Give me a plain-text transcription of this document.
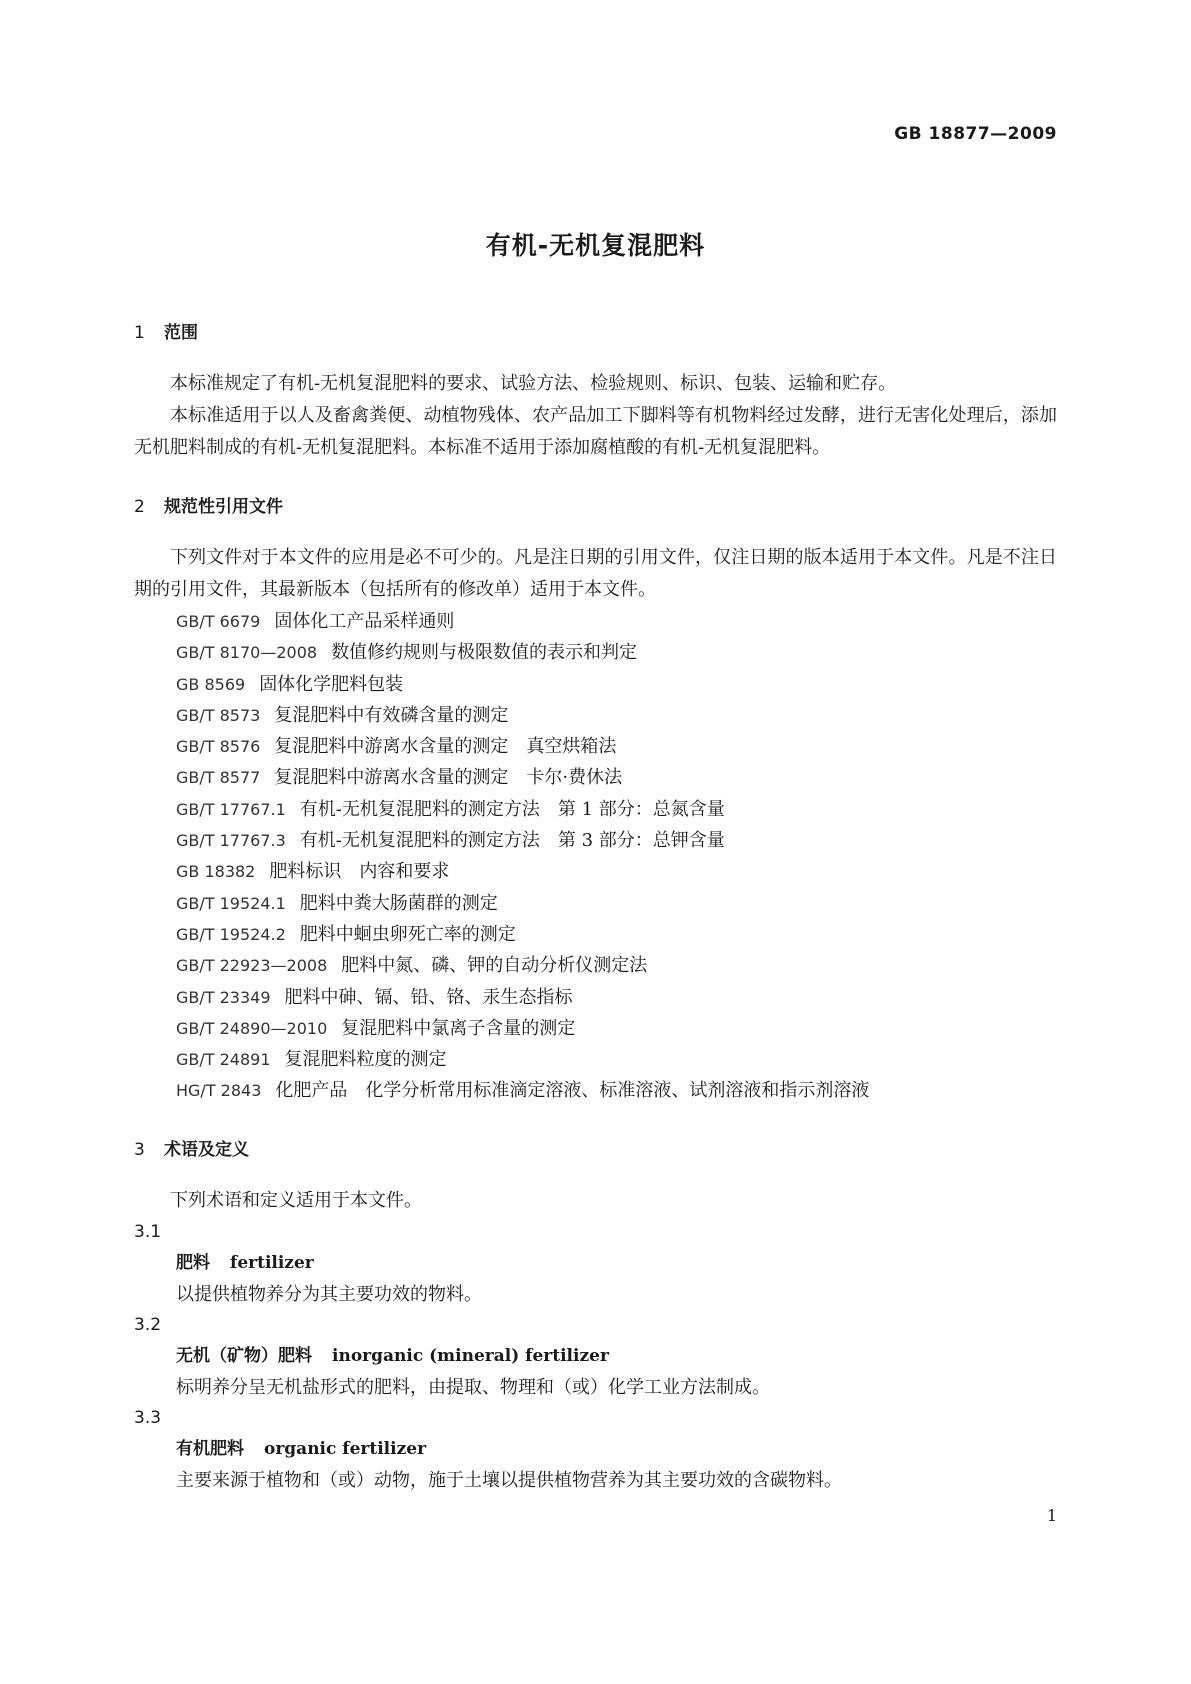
GB 18877—2009
有机-无机复混肥料
1 范围

本标准规定了有机-无机复混肥料的要求、试验方法、检验规则、标识、包装、运输和贮存。

本标准适用于以人及畜禽粪便、动植物残体、农产品加工下脚料等有机物料经过发酵，进行无害化处理后，添加无机肥料制成的有机-无机复混肥料。本标准不适用于添加腐植酸的有机-无机复混肥料。

2 规范性引用文件

下列文件对于本文件的应用是必不可少的。凡是注日期的引用文件，仅注日期的版本适用于本文件。凡是不注日期的引用文件，其最新版本（包括所有的修改单）适用于本文件。

GB/T 6679 固体化工产品采样通则
GB/T 8170—2008 数值修约规则与极限数值的表示和判定
GB 8569 固体化学肥料包装
GB/T 8573 复混肥料中有效磷含量的测定
GB/T 8576 复混肥料中游离水含量的测定　真空烘箱法
GB/T 8577 复混肥料中游离水含量的测定　卡尔·费休法
GB/T 17767.1 有机-无机复混肥料的测定方法　第 1 部分：总氮含量
GB/T 17767.3 有机-无机复混肥料的测定方法　第 3 部分：总钾含量
GB 18382 肥料标识　内容和要求
GB/T 19524.1 肥料中粪大肠菌群的测定
GB/T 19524.2 肥料中蛔虫卵死亡率的测定
GB/T 22923—2008 肥料中氮、磷、钾的自动分析仪测定法
GB/T 23349 肥料中砷、镉、铅、铬、汞生态指标
GB/T 24890—2010 复混肥料中氯离子含量的测定
GB/T 24891 复混肥料粒度的测定
HG/T 2843 化肥产品　化学分析常用标准滴定溶液、标准溶液、试剂溶液和指示剂溶液
3 术语及定义

下列术语和定义适用于本文件。

3.1

肥料 fertilizer

以提供植物养分为其主要功效的物料。

3.2

无机（矿物）肥料 inorganic (mineral) fertilizer

标明养分呈无机盐形式的肥料，由提取、物理和（或）化学工业方法制成。

3.3

有机肥料 organic fertilizer

主要来源于植物和（或）动物，施于土壤以提供植物营养为其主要功效的含碳物料。

1
